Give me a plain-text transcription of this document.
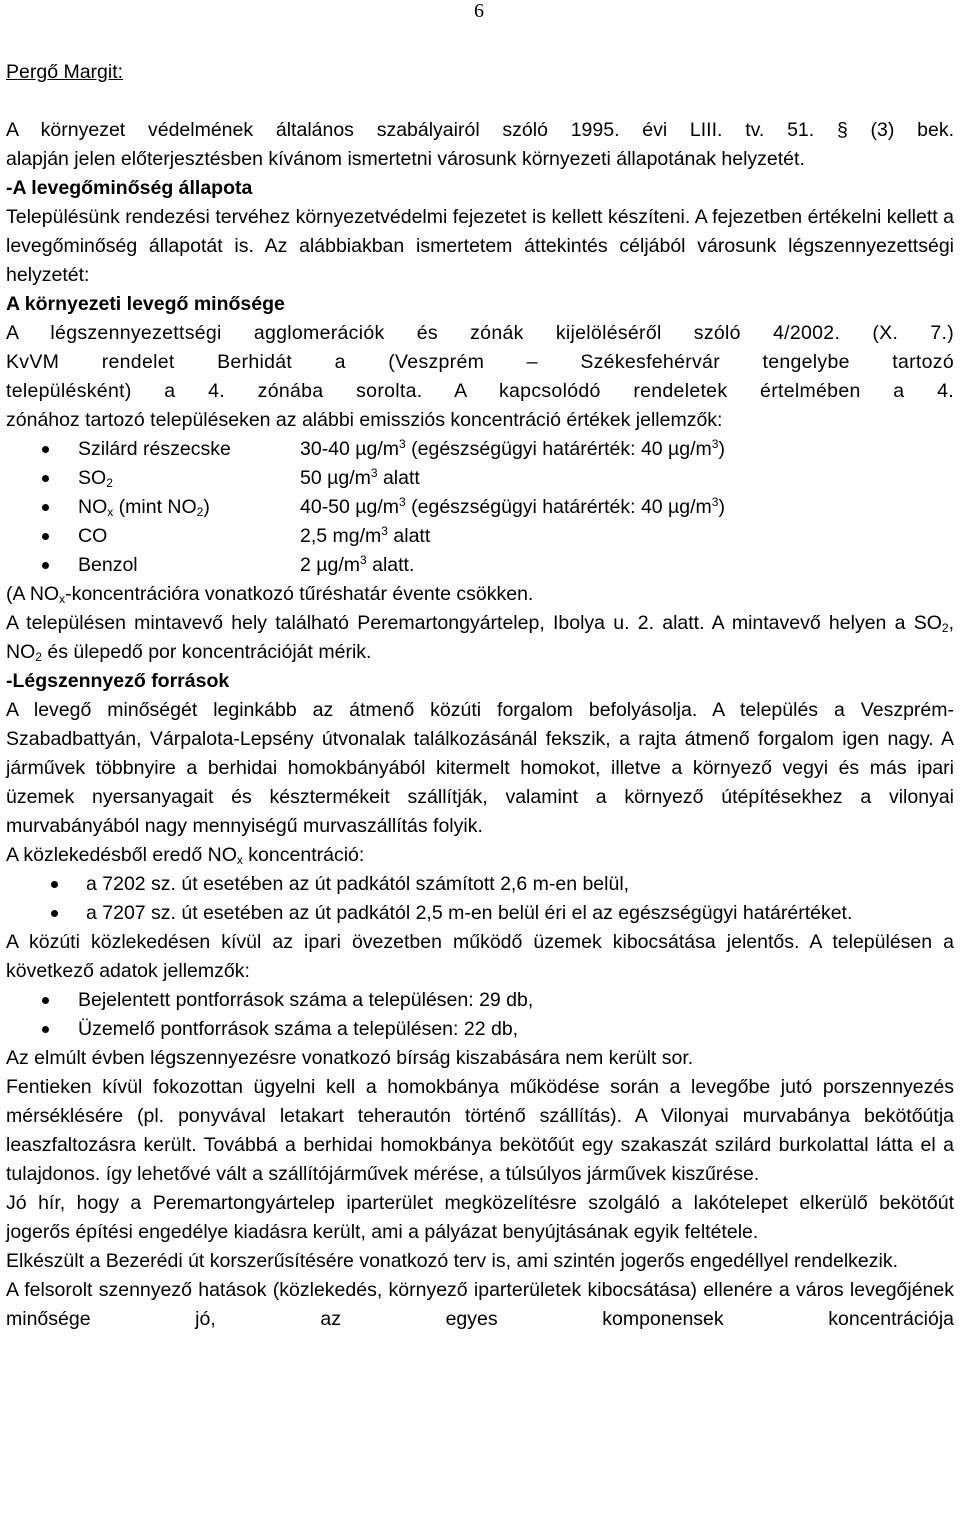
6

Pergő Margit:

A környezet védelmének általános szabályairól szóló 1995. évi LIII. tv. 51. § (3) bek.

alapján jelen előterjesztésben kívánom ismertetni városunk környezeti állapotának helyzetét.

-A levegőminőség állapota

Településünk rendezési tervéhez környezetvédelmi fejezetet is kellett készíteni. A fejezetben értékelni kellett a levegőminőség állapotát is. Az alábbiakban ismertetem áttekintés céljából városunk légszennyezettségi helyzetét:

A környezeti levegő minősége

A légszennyezettségi agglomerációk és zónák kijelöléséről szóló 4/2002. (X. 7.)

KvVM rendelet Berhidát a (Veszprém – Székesfehérvár tengelybe tartozó

településként) a 4. zónába sorolta. A kapcsolódó rendeletek értelmében a 4.

zónához tartozó településeken az alábbi emissziós koncentráció értékek jellemzők:

Szilárd részecske	30-40 $\mu g/m^3$ (egészségügyi határérték: 40 $\mu g/m^3$)
$SO_2$	50 $\mu g/m^3$ alatt
$NO_x$ (mint $NO_2$)	40-50 $\mu g/m^3$ (egészségügyi határérték: 40 $\mu g/m^3$)
CO	2,5 $mg/m^3$ alatt
Benzol	2 $\mu g/m^3$ alatt.

(A $NO_x$-koncentrációra vonatkozó tűréshatár évente csökken.

A településen mintavevő hely található Peremartongyártelep, Ibolya u. 2. alatt. A mintavevő helyen a $SO_2$, $NO_2$ és ülepedő por koncentrációját mérik.

-Légszennyező források

A levegő minőségét leginkább az átmenő közúti forgalom befolyásolja. A település a Veszprém-Szabadbattyán, Várpalota-Lepsény útvonalak találkozásánál fekszik, a rajta átmenő forgalom igen nagy. A járművek többnyire a berhidai homokbányából kitermelt homokot, illetve a környező vegyi és más ipari üzemek nyersanyagait és késztermékeit szállítják, valamint a környező útépítésekhez a vilonyai murvabányából nagy mennyiségű murvaszállítás folyik.

A közlekedésből eredő $NO_x$ koncentráció:

a 7202 sz. út esetében az út padkától számított 2,6 m-en belül,
a 7207 sz. út esetében az út padkától 2,5 m-en belül éri el az egészségügyi határértéket.

A közúti közlekedésen kívül az ipari övezetben működő üzemek kibocsátása jelentős. A településen a következő adatok jellemzők:

Bejelentett pontforrások száma a településen: 29 db,
Üzemelő pontforrások száma a településen: 22 db,

Az elmúlt évben légszennyezésre vonatkozó bírság kiszabására nem került sor.

Fentieken kívül fokozottan ügyelni kell a homokbánya működése során a levegőbe jutó porszennyezés mérséklésére (pl. ponyvával letakart teherautón történő szállítás). A Vilonyai murvabánya bekötőútja leaszfaltozásra került. Továbbá a berhidai homokbánya bekötőút egy szakaszát szilárd burkolattal látta el a tulajdonos. így lehetővé vált a szállítójárművek mérése, a túlsúlyos járművek kiszűrése.

Jó hír, hogy a Peremartongyártelep iparterület megközelítésre szolgáló a lakótelepet elkerülő bekötőút jogerős építési engedélye kiadásra került, ami a pályázat benyújtásának egyik feltétele.

Elkészült a Bezerédi út korszerűsítésére vonatkozó terv is, ami szintén jogerős engedéllyel rendelkezik.

A felsorolt szennyező hatások (közlekedés, környező iparterületek kibocsátása) ellenére a város levegőjének minősége jó, az egyes komponensek koncentrációja
